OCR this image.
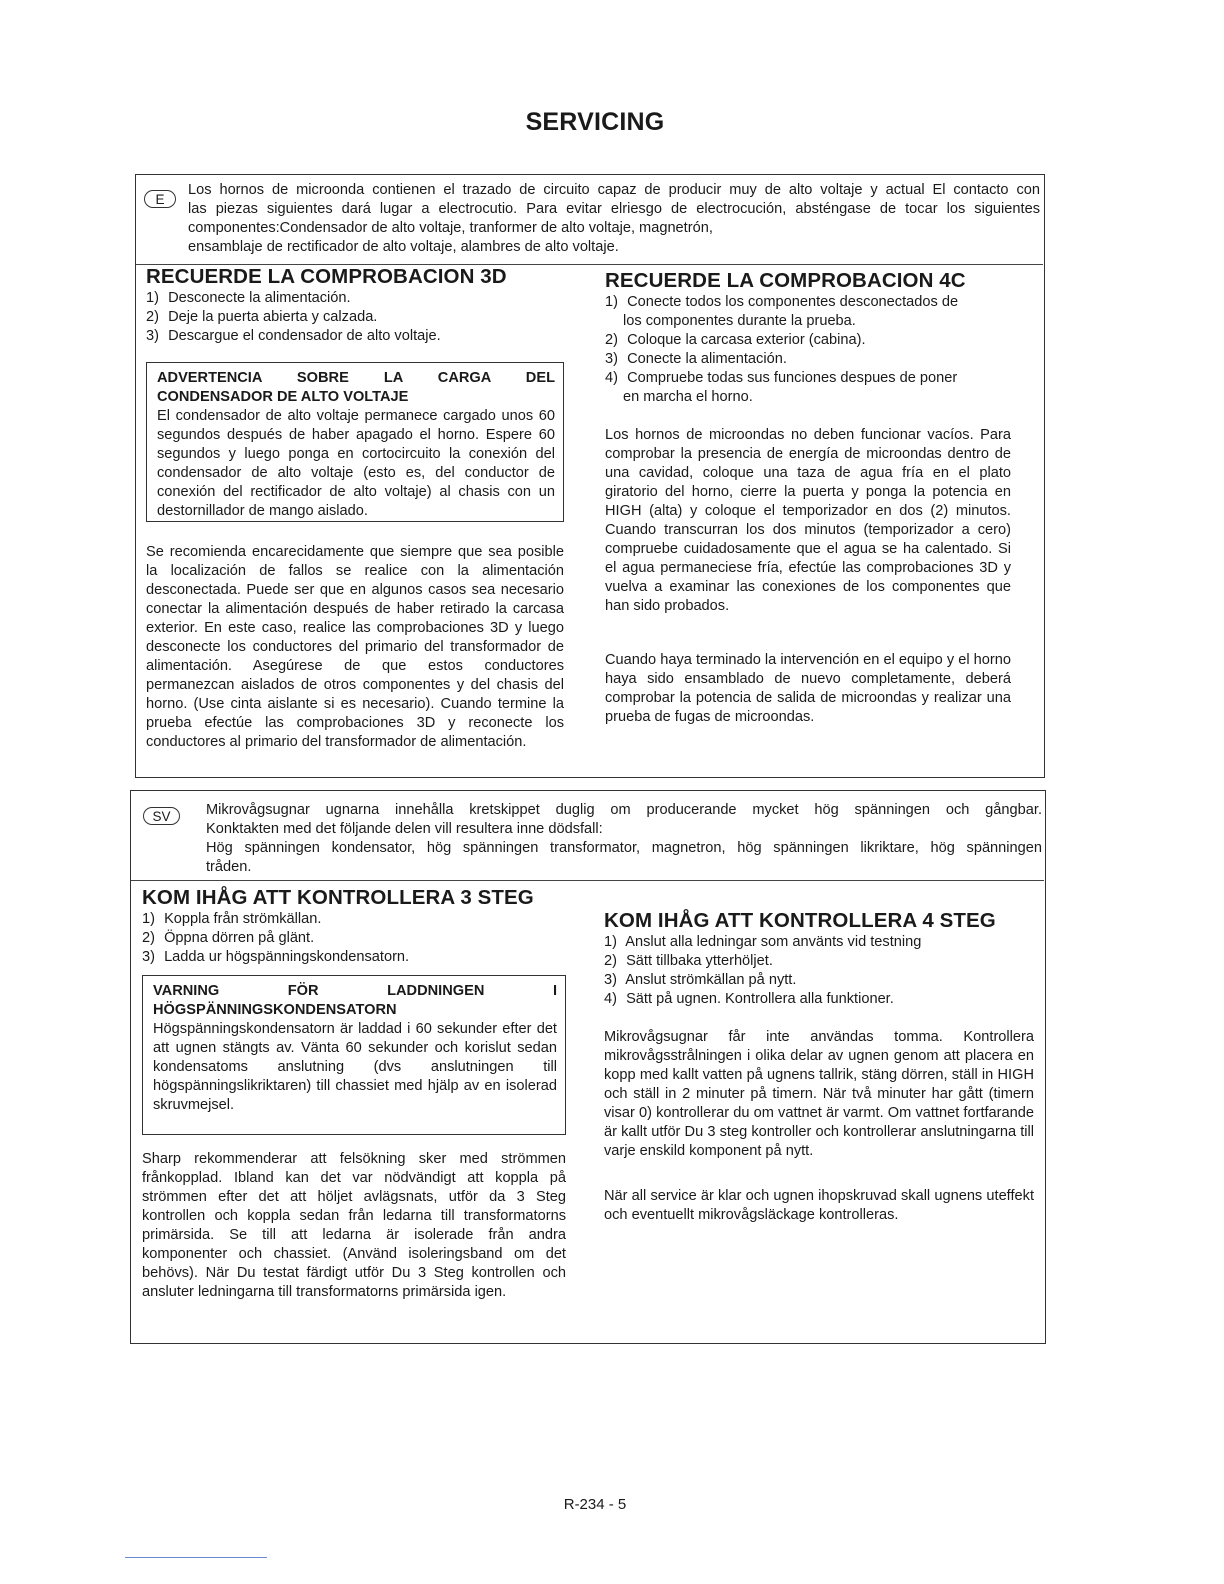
SERVICING
E

Los hornos de microonda contienen el trazado de circuito capaz de producir muy de alto voltaje y actual El contacto con

las piezas siguientes dará lugar a electrocutio. Para evitar elriesgo de electrocución, absténgase de tocar los siguientes

componentes:Condensador de alto voltaje, tranformer de alto voltaje, magnetrón,

ensamblaje de rectificador de alto voltaje, alambres de alto voltaje.

RECUERDE LA COMPROBACION 3D
1) Desconecte la alimentación.
2) Deje la puerta abierta y calzada.
3) Descargue el condensador de alto voltaje.
ADVERTENCIA SOBRE LA CARGA DEL
CONDENSADOR DE ALTO VOLTAJE

El condensador de alto voltaje permanece cargado unos 60 segundos después de haber apagado el horno. Espere 60 segundos y luego ponga en cortocircuito la conexión del condensador de alto voltaje (esto es, del conductor de conexión del rectificador de alto voltaje) al chasis con un destornillador de mango aislado.

Se recomienda encarecidamente que siempre que sea posible la localización de fallos se realice con la alimentación desconectada. Puede ser que en algunos casos sea necesario conectar la alimentación después de haber retirado la carcasa exterior. En este caso, realice las comprobaciones 3D y luego desconecte los conductores del primario del transformador de alimentación. Asegúrese de que estos conductores permanezcan aislados de otros componentes y del chasis del horno. (Use cinta aislante si es necesario). Cuando termine la prueba efectúe las comprobaciones 3D y reconecte los conductores al primario del transformador de alimentación.

RECUERDE LA COMPROBACION 4C
1) Conecte todos los componentes desconectados de
los componentes durante la prueba.
2) Coloque la carcasa exterior (cabina).
3) Conecte la alimentación.
4) Compruebe todas sus funciones despues de poner
en marcha el horno.

Los hornos de microondas no deben funcionar vacíos. Para comprobar la presencia de energía de microondas dentro de una cavidad, coloque una taza de agua fría en el plato giratorio del horno, cierre la puerta y ponga la potencia en HIGH (alta) y coloque el temporizador en dos (2) minutos. Cuando transcurran los dos minutos (temporizador a cero) compruebe cuidadosamente que el agua se ha calentado. Si el agua permaneciese fría, efectúe las comprobaciones 3D y vuelva a examinar las conexiones de los componentes que han sido probados.

Cuando haya terminado la intervención en el equipo y el horno haya sido ensamblado de nuevo completamente, deberá comprobar la potencia de salida de microondas y realizar una prueba de fugas de microondas.

SV	Mikrovågsugnar ugnarna innehålla kretskippet duglig om producerande mycket hög spänningen och gångbar.

Konktakten med det följande delen vill resultera inne dödsfall:

Hög spänningen kondensator, hög spänningen transformator, magnetron, hög spänningen likriktare, hög spänningen

tråden.

KOM IHÅG ATT KONTROLLERA 3 STEG
1) Koppla från strömkällan.
2) Öppna dörren på glänt.
3) Ladda ur högspänningskondensatorn.
VARNING FÖR LADDNINGEN I
HÖGSPÄNNINGSKONDENSATORN

Högspänningskondensatorn är laddad i 60 sekunder efter det att ugnen stängts av. Vänta 60 sekunder och korislut sedan kondensatoms anslutning (dvs anslutningen till högspänningslikriktaren) till chassiet med hjälp av en isolerad skruvmejsel.

Sharp rekommenderar att felsökning sker med strömmen frånkopplad. Ibland kan det var nödvändigt att koppla på strömmen efter det att höljet avlägsnats, utför da 3 Steg kontrollen och koppla sedan från ledarna till transformatorns primärsida. Se till att ledarna är isolerade från andra komponenter och chassiet. (Använd isoleringsband om det behövs). När Du testat färdigt utför Du 3 Steg kontrollen och ansluter ledningarna till transformatorns primärsida igen.

KOM IHÅG ATT KONTROLLERA 4 STEG
1) Anslut alla ledningar som använts vid testning
2) Sätt tillbaka ytterhöljet.
3) Anslut strömkällan på nytt.
4) Sätt på ugnen. Kontrollera alla funktioner.

Mikrovågsugnar får inte användas tomma. Kontrollera mikrovågsstrålningen i olika delar av ugnen genom att placera en kopp med kallt vatten på ugnens tallrik, stäng dörren, ställ in HIGH och ställ in 2 minuter på timern. När två minuter har gått (timern visar 0) kontrollerar du om vattnet är varmt. Om vattnet fortfarande är kallt utför Du 3 steg kontroller och kontrollerar anslutningarna till varje enskild komponent på nytt.

När all service är klar och ugnen ihopskruvad skall ugnens uteffekt och eventuellt mikrovågsläckage kontrolleras.

R-234 - 5
